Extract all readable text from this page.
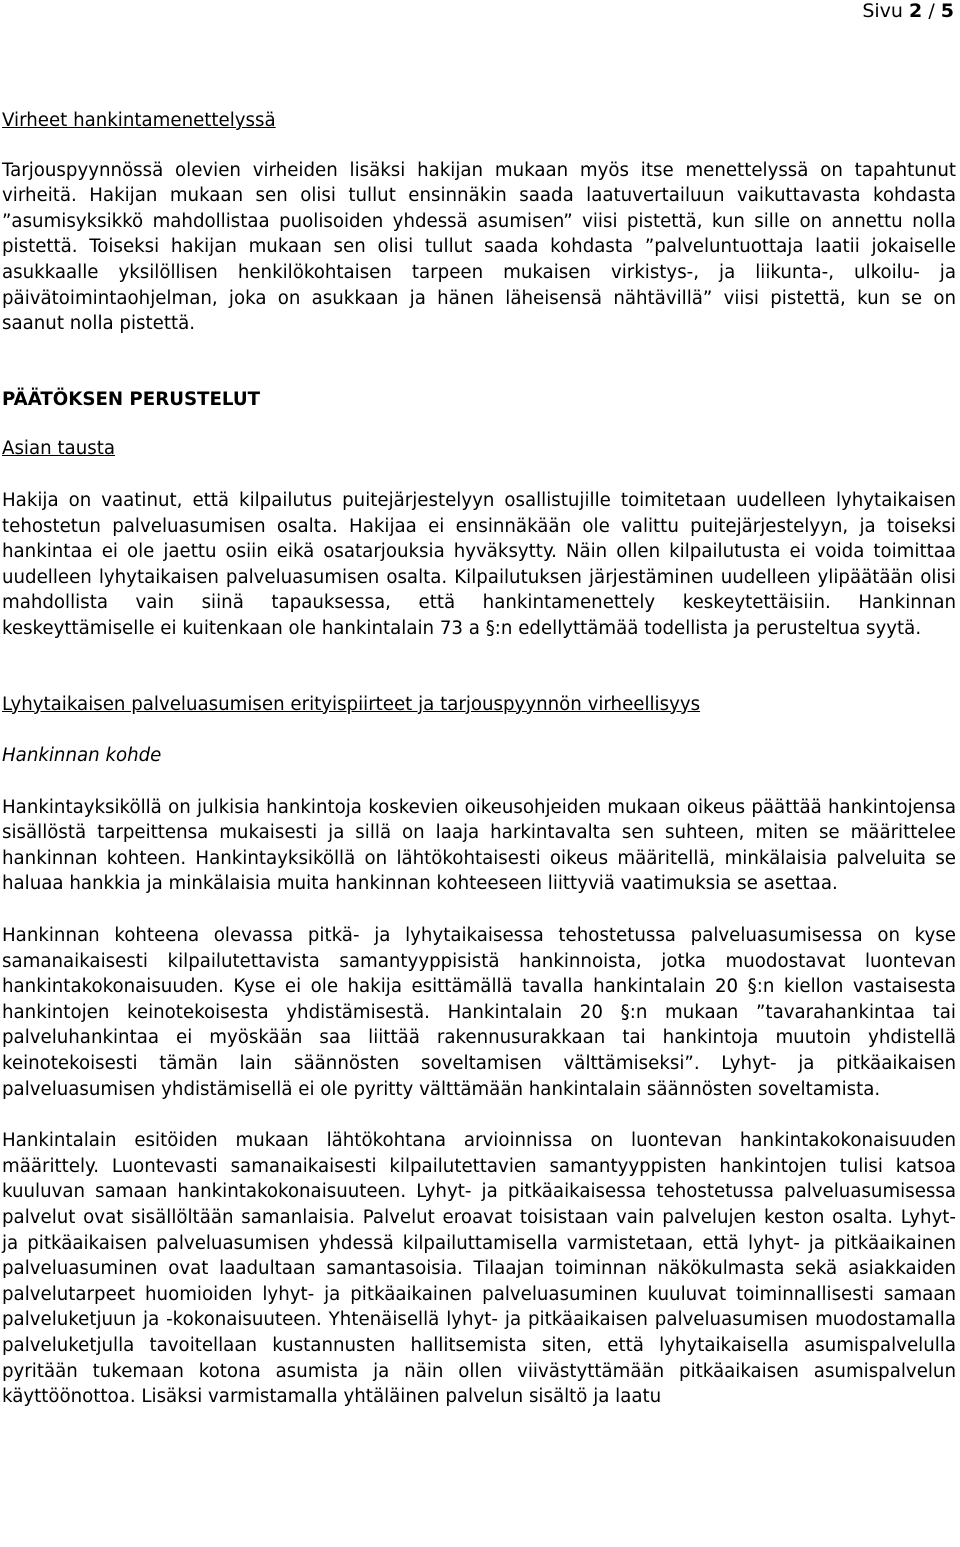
Sivu 2 / 5

Virheet hankintamenettelyssä

Tarjouspyynnössä olevien virheiden lisäksi hakijan mukaan myös itse menettelyssä on tapahtunut virheitä. Hakijan mukaan sen olisi tullut ensinnäkin saada laatuvertailuun vaikuttavasta kohdasta ”asumisyksikkö mahdollistaa puolisoiden yhdessä asumisen” viisi pistettä, kun sille on annettu nolla pistettä. Toiseksi hakijan mukaan sen olisi tullut saada kohdasta ”palveluntuottaja laatii jokaiselle asukkaalle yksilöllisen henkilökohtaisen tarpeen mukaisen virkistys-, ja liikunta-, ulkoilu- ja päivätoimintaohjelman, joka on asukkaan ja hänen läheisensä nähtävillä” viisi pistettä, kun se on saanut nolla pistettä.

PÄÄTÖKSEN PERUSTELUT

Asian tausta

Hakija on vaatinut, että kilpailutus puitejärjestelyyn osallistujille toimitetaan uudelleen lyhytaikaisen tehostetun palveluasumisen osalta. Hakijaa ei ensinnäkään ole valittu puitejärjestelyyn, ja toiseksi hankintaa ei ole jaettu osiin eikä osatarjouksia hyväksytty. Näin ollen kilpailutusta ei voida toimittaa uudelleen lyhytaikaisen palveluasumisen osalta. Kilpailutuksen järjestäminen uudelleen ylipäätään olisi mahdollista vain siinä tapauksessa, että hankintamenettely keskeytettäisiin. Hankinnan keskeyttämiselle ei kuitenkaan ole hankintalain 73 a §:n edellyttämää todellista ja perusteltua syytä.

Lyhytaikaisen palveluasumisen erityispiirteet ja tarjouspyynnön virheellisyys

Hankinnan kohde

Hankintayksiköllä on julkisia hankintoja koskevien oikeusohjeiden mukaan oikeus päättää hankintojensa sisällöstä tarpeittensa mukaisesti ja sillä on laaja harkintavalta sen suhteen, miten se määrittelee hankinnan kohteen. Hankintayksiköllä on lähtökohtaisesti oikeus määritellä, minkälaisia palveluita se haluaa hankkia ja minkälaisia muita hankinnan kohteeseen liittyviä vaatimuksia se asettaa.

Hankinnan kohteena olevassa pitkä- ja lyhytaikaisessa tehostetussa palveluasumisessa on kyse samanaikaisesti kilpailutettavista samantyyppisistä hankinnoista, jotka muodostavat luontevan hankintakokonaisuuden. Kyse ei ole hakija esittämällä tavalla hankintalain 20 §:n kiellon vastaisesta hankintojen keinotekoisesta yhdistämisestä. Hankintalain 20 §:n mukaan ”tavarahankintaa tai palveluhankintaa ei myöskään saa liittää rakennusurakkaan tai hankintoja muutoin yhdistellä keinotekoisesti tämän lain säännösten soveltamisen välttämiseksi”. Lyhyt- ja pitkäaikaisen palveluasumisen yhdistämisellä ei ole pyritty välttämään hankintalain säännösten soveltamista.

Hankintalain esitöiden mukaan lähtökohtana arvioinnissa on luontevan hankintakokonaisuuden määrittely. Luontevasti samanaikaisesti kilpailutettavien samantyyppisten hankintojen tulisi katsoa kuuluvan samaan hankintakokonaisuuteen. Lyhyt- ja pitkäaikaisessa tehostetussa palveluasumisessa palvelut ovat sisällöltään samanlaisia. Palvelut eroavat toisistaan vain palvelujen keston osalta. Lyhyt- ja pitkäaikaisen palveluasumisen yhdessä kilpailuttamisella varmistetaan, että lyhyt- ja pitkäaikainen palveluasuminen ovat laadultaan samantasoisia. Tilaajan toiminnan näkökulmasta sekä asiakkaiden palvelutarpeet huomioiden lyhyt- ja pitkäaikainen palveluasuminen kuuluvat toiminnallisesti samaan palveluketjuun ja -kokonaisuuteen. Yhtenäisellä lyhyt- ja pitkäaikaisen palveluasumisen muodostamalla palveluketjulla tavoitellaan kustannusten hallitsemista siten, että lyhytaikaisella asumispalvelulla pyritään tukemaan kotona asumista ja näin ollen viivästyttämään pitkäaikaisen asumispalvelun käyttöönottoa. Lisäksi varmistamalla yhtäläinen palvelun sisältö ja laatu
